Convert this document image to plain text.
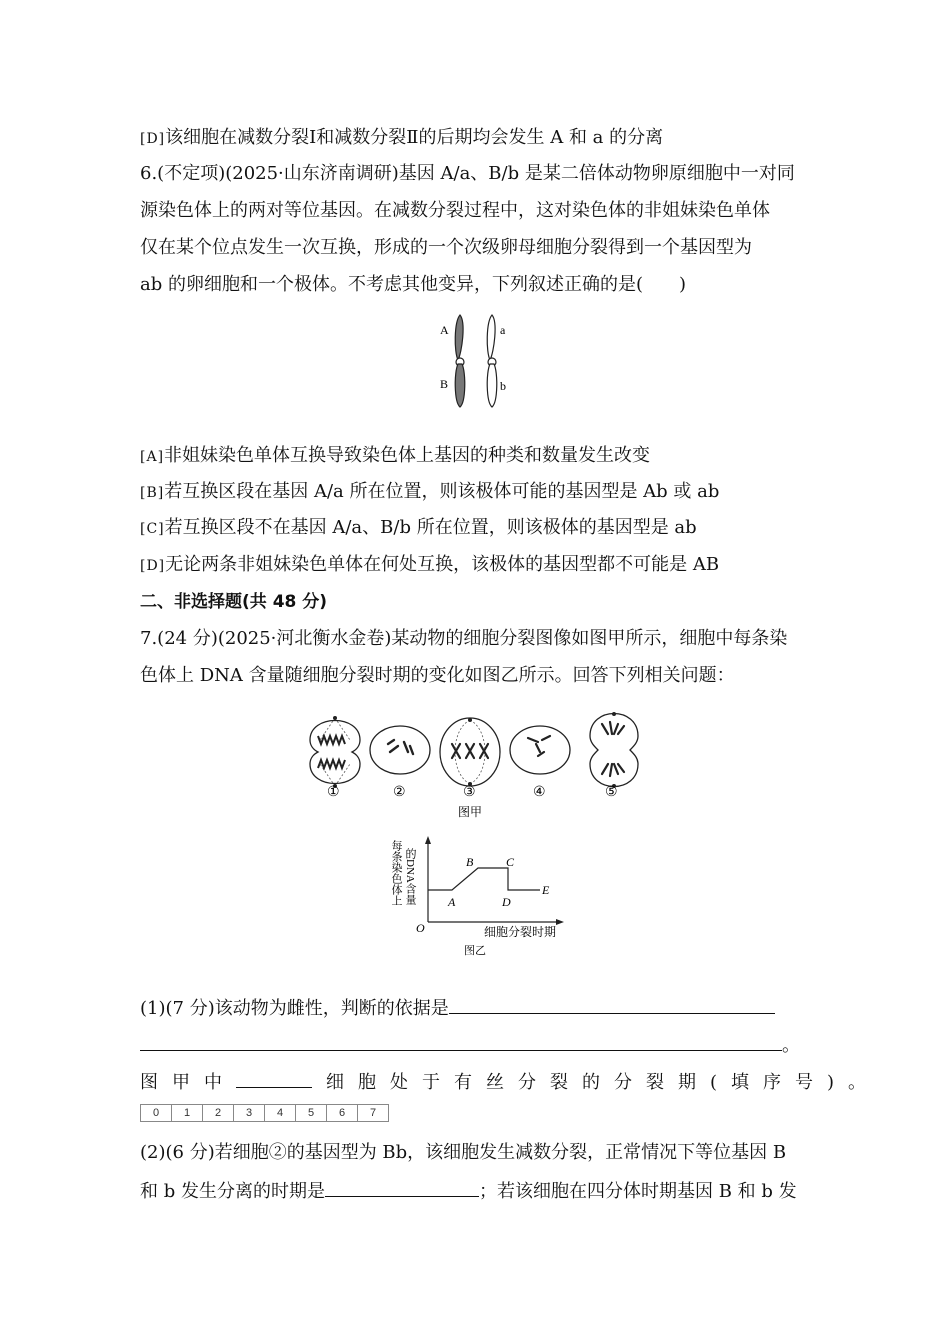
[D]该细胞在减数分裂Ⅰ和减数分裂Ⅱ的后期均会发生 A 和 a 的分离
6.(不定项)(2025·山东济南调研)基因 A/a、B/b 是某二倍体动物卵原细胞中一对同
源染色体上的两对等位基因。在减数分裂过程中，这对染色体的非姐妹染色单体
仅在某个位点发生一次互换，形成的一个次级卵母细胞分裂得到一个基因型为
ab 的卵细胞和一个极体。不考虑其他变异，下列叙述正确的是(　　)
A
B
a
b
[A]非姐妹染色单体互换导致染色体上基因的种类和数量发生改变
[B]若互换区段在基因 A/a 所在位置，则该极体可能的基因型是 Ab 或 ab
[C]若互换区段不在基因 A/a、B/b 所在位置，则该极体的基因型是 ab
[D]无论两条非姐妹染色单体在何处互换，该极体的基因型都不可能是 AB
二、非选择题(共 48 分)
7.(24 分)(2025·河北衡水金卷)某动物的细胞分裂图像如图甲所示，细胞中每条染
色体上 DNA 含量随细胞分裂时期的变化如图乙所示。回答下列相关问题：
①	②	③	④	⑤
图甲
每条染色体上 的DNA含量
O
A
B	C
D
E
细胞分裂时期
图乙
(1)(7 分)该动物为雌性，判断的依据是
。
图甲中	细胞处于有丝分裂的分裂期(填序号)。
0	1	2	3	4	5	6	7
(2)(6 分)若细胞②的基因型为 Bb，该细胞发生减数分裂，正常情况下等位基因 B
和 b 发生分离的时期是	；若该细胞在四分体时期基因 B 和 b 发
